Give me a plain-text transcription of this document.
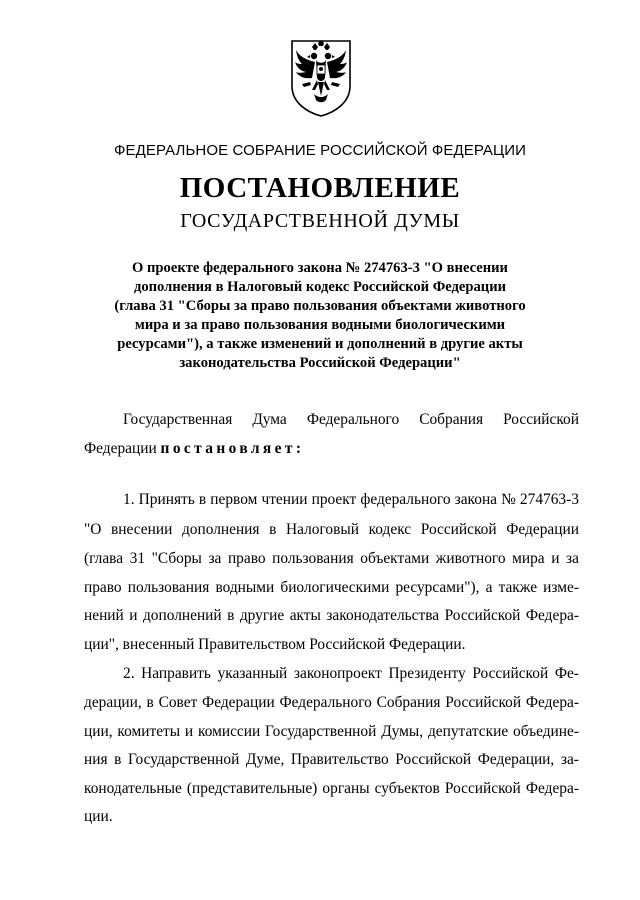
ФЕДЕРАЛЬНОЕ СОБРАНИЕ РОССИЙСКОЙ ФЕДЕРАЦИИ
ПОСТАНОВЛЕНИЕ
ГОСУДАРСТВЕННОЙ ДУМЫ
О проекте федерального закона № 274763-3 "О внесении
дополнения в Налоговый кодекс Российской Федерации
(глава 31 "Сборы за право пользования объектами животного
мира и за право пользования водными биологическими
ресурсами"), а также изменений и дополнений в другие акты
законодательства Российской Федерации"
Государственная Дума Федерального Собрания Российской
Федерации постановляет:
1. Принять в первом чтении проект федерального закона № 274763-3
"О внесении дополнения в Налоговый кодекс Российской Федерации
(глава 31 "Сборы за право пользования объектами животного мира и за
право пользования водными биологическими ресурсами"), а также изме-
нений и дополнений в другие акты законодательства Российской Федера-
ции", внесенный Правительством Российской Федерации.
2. Направить указанный законопроект Президенту Российской Фе-
дерации, в Совет Федерации Федерального Собрания Российской Федера-
ции, комитеты и комиссии Государственной Думы, депутатские объедине-
ния в Государственной Думе, Правительство Российской Федерации, за-
конодательные (представительные) органы субъектов Российской Федера-
ции.
